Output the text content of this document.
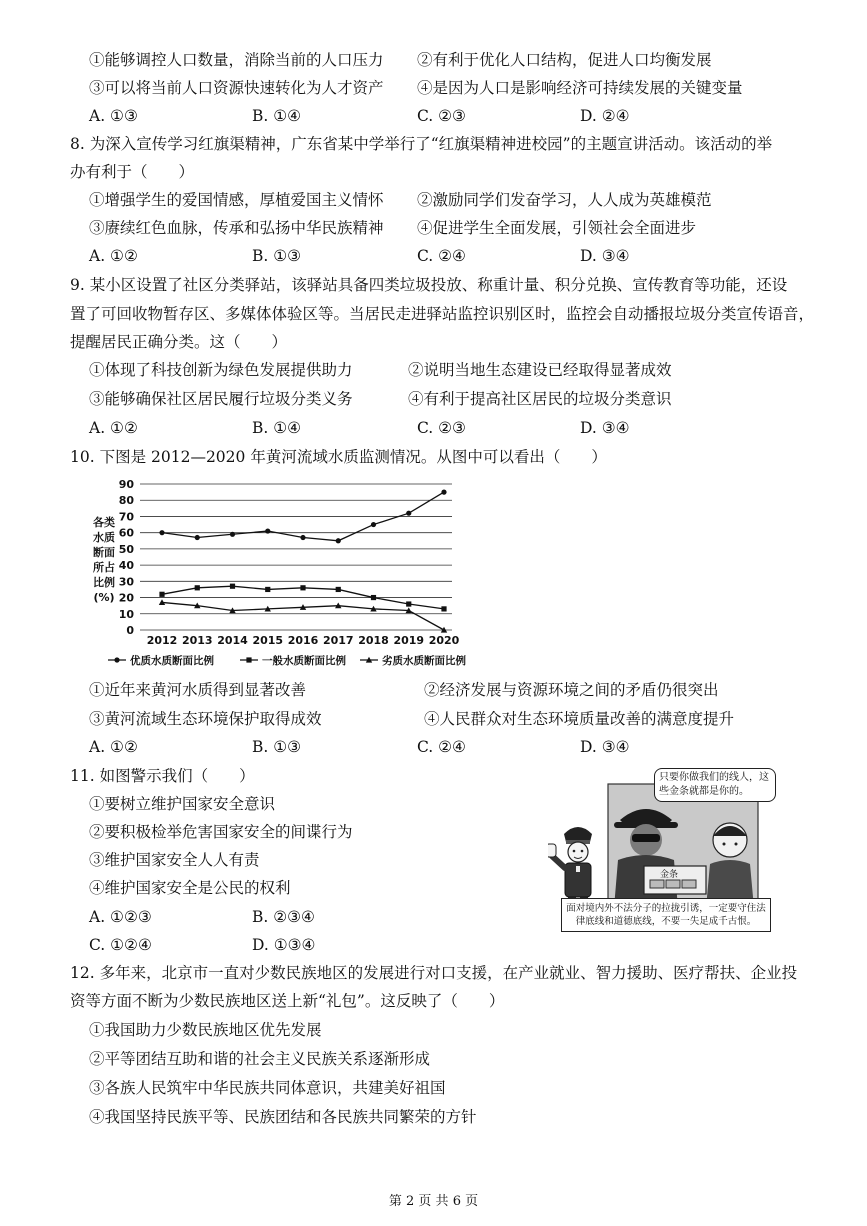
①能够调控人口数量，消除当前的人口压力 ②有利于优化人口结构，促进人口均衡发展
③可以将当前人口资源快速转化为人才资产 ④是因为人口是影响经济可持续发展的关键变量
A. ①③	B. ①④	C. ②③	D. ②④
8. 为深入宣传学习红旗渠精神，广东省某中学举行了“红旗渠精神进校园”的主题宣讲活动。该活动的举
办有利于（　　）
①增强学生的爱国情感，厚植爱国主义情怀 ②激励同学们发奋学习，人人成为英雄模范
③赓续红色血脉，传承和弘扬中华民族精神 ④促进学生全面发展，引领社会全面进步
A. ①②	B. ①③	C. ②④	D. ③④
9. 某小区设置了社区分类驿站，该驿站具备四类垃圾投放、称重计量、积分兑换、宣传教育等功能，还设
置了可回收物暂存区、多媒体体验区等。当居民走进驿站监控识别区时，监控会自动播报垃圾分类宣传语音，
提醒居民正确分类。这（　　）
①体现了科技创新为绿色发展提供助力	②说明当地生态建设已经取得显著成效
③能够确保社区居民履行垃圾分类义务	④有利于提高社区居民的垃圾分类意识
A. ①②	B. ①④	C. ②③	D. ③④
10. 下图是 2012—2020 年黄河流域水质监测情况。从图中可以看出（　　）
各类水质断面所占比例(%)
0
10
20
30
40
50
60
70
80
90
2012 2013 2014 2015 2016 2017 2018 2019 2020
优质水质断面比例	一般水质断面比例	劣质水质断面比例
①近年来黄河水质得到显著改善	②经济发展与资源环境之间的矛盾仍很突出
③黄河流域生态环境保护取得成效	④人民群众对生态环境质量改善的满意度提升
A. ①②	B. ①③	C. ②④	D. ③④
11. 如图警示我们（　　）
①要树立维护国家安全意识
②要积极检举危害国家安全的间谍行为
③维护国家安全人人有责
④维护国家安全是公民的权利
A. ①②③	B. ②③④
C. ①②④	D. ①③④
金条
只要你做我们的线人，这些金条就都是你的。
面对境内外不法分子的拉拢引诱，一定要守住法律底线和道德底线，不要一失足成千古恨。
12. 多年来，北京市一直对少数民族地区的发展进行对口支援，在产业就业、智力援助、医疗帮扶、企业投
资等方面不断为少数民族地区送上新“礼包”。这反映了（　　）
①我国助力少数民族地区优先发展
②平等团结互助和谐的社会主义民族关系逐渐形成
③各族人民筑牢中华民族共同体意识，共建美好祖国
④我国坚持民族平等、民族团结和各民族共同繁荣的方针
第 2 页 共 6 页
